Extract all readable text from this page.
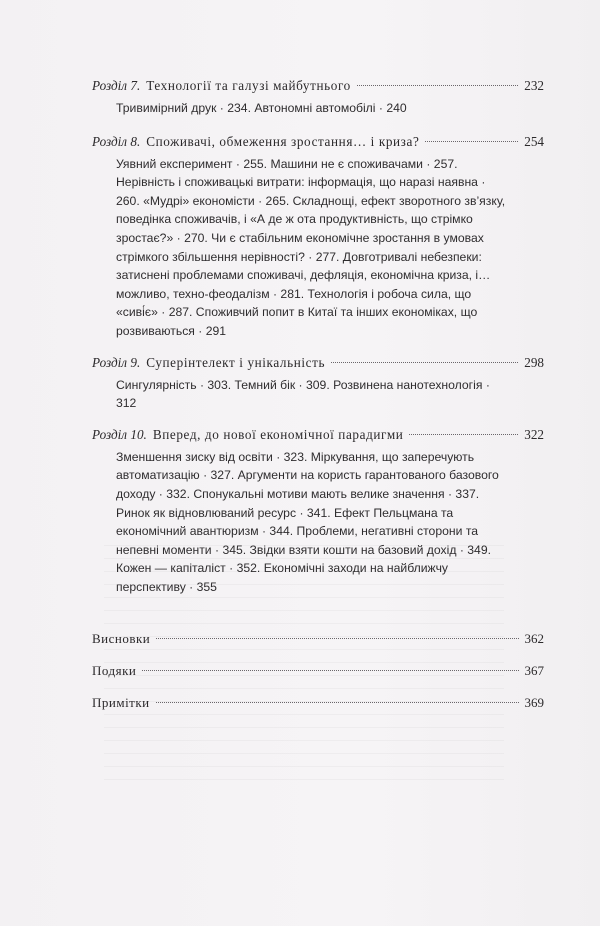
Розділ 7. Технології та галузі майбутнього	232
Тривимірний друк · 234. Автономні автомобілі · 240
Розділ 8. Споживачі, обмеження зростання… і криза?	254
Уявний експеримент · 255. Машини не є споживачами · 257. Нерівність і споживацькі витрати: інформація, що наразі наявна · 260. «Мудрі» економісти · 265. Складнощі, ефект зворотного зв’язку, поведінка споживачів, і «А де ж ота продуктивність, що стрімко зростає?» · 270. Чи є стабільним економічне зростання в умовах стрімкого збільшення нерівності? · 277. Довготривалі небезпеки: затиснені проблемами споживачі, дефляція, економічна криза, і… можливо, техно-феодалізм · 281. Технологія і робоча сила, що «сиві́є» · 287. Споживчий попит в Китаї та інших економіках, що розвиваються · 291
Розділ 9. Суперінтелект і унікальність	298
Сингулярність · 303. Темний бік · 309. Розвинена нанотехнологія · 312
Розділ 10. Вперед, до нової економічної парадигми	322
Зменшення зиску від освіти · 323. Міркування, що заперечують автоматизацію · 327. Аргументи на користь гарантованого базового доходу · 332. Спонукальні мотиви мають велике значення · 337. Ринок як відновлюваний ресурс · 341. Ефект Пельцмана та економічний авантюризм · 344. Проблеми, негативні сторони та непевні моменти · 345. Звідки взяти кошти на базовий дохід · 349. Кожен — капіталіст · 352. Економічні заходи на найближчу перспективу · 355
Висновки	362
Подяки	367
Примітки	369
